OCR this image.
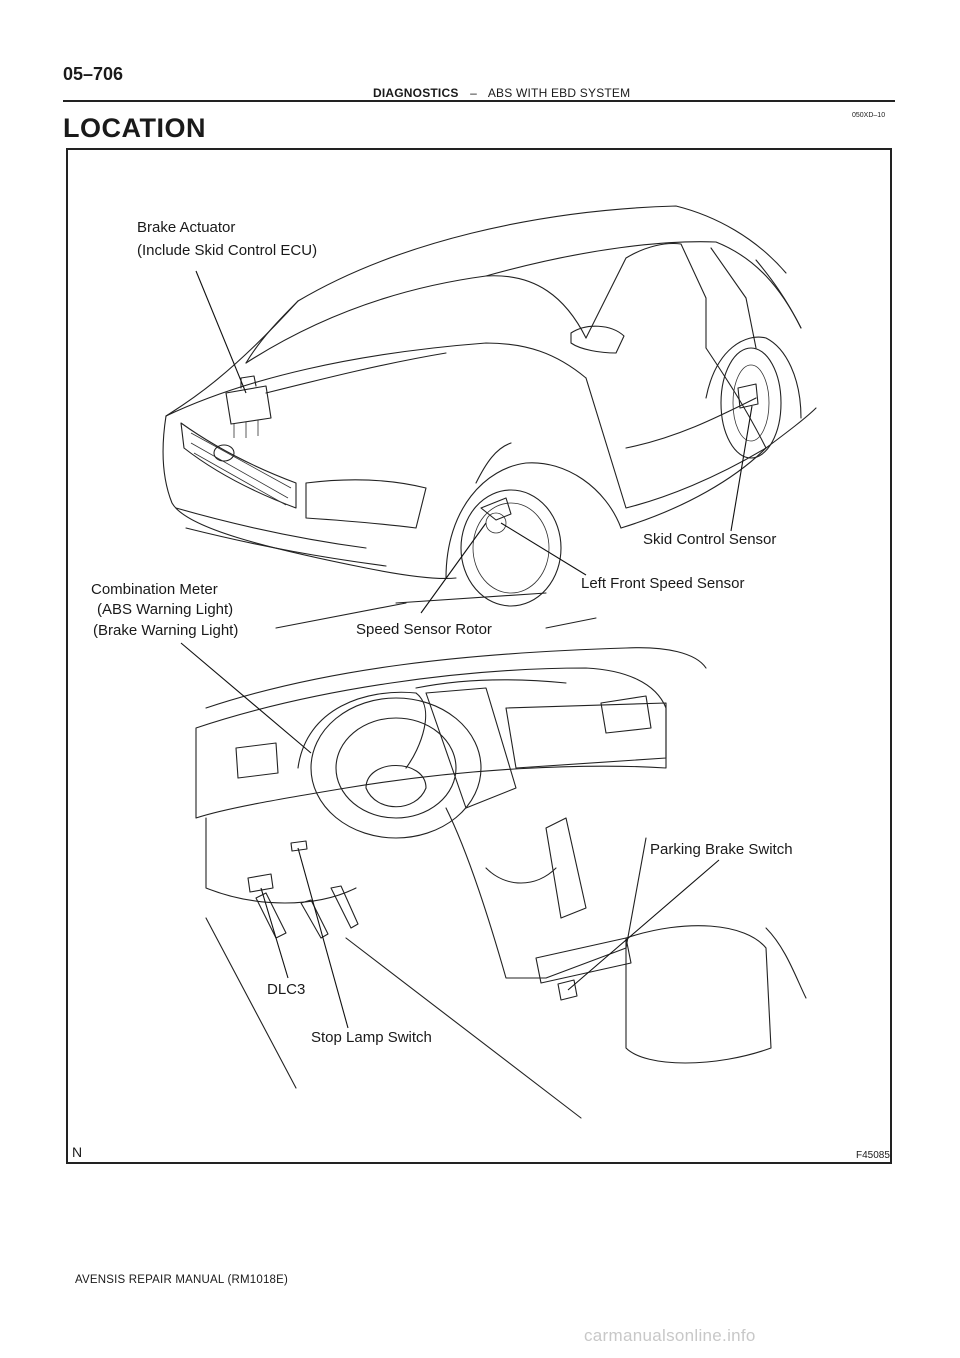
05–706
DIAGNOSTICS – ABS WITH EBD SYSTEM
050XD–10
LOCATION
Brake Actuator
(Include Skid Control ECU)
Skid Control Sensor
Left Front Speed Sensor
Speed Sensor Rotor
Combination Meter
(ABS Warning Light)
(Brake Warning Light)
Parking Brake Switch
DLC3
Stop Lamp Switch
N	F45085
AVENSIS REPAIR MANUAL (RM1018E)
carmanualsonline.info
